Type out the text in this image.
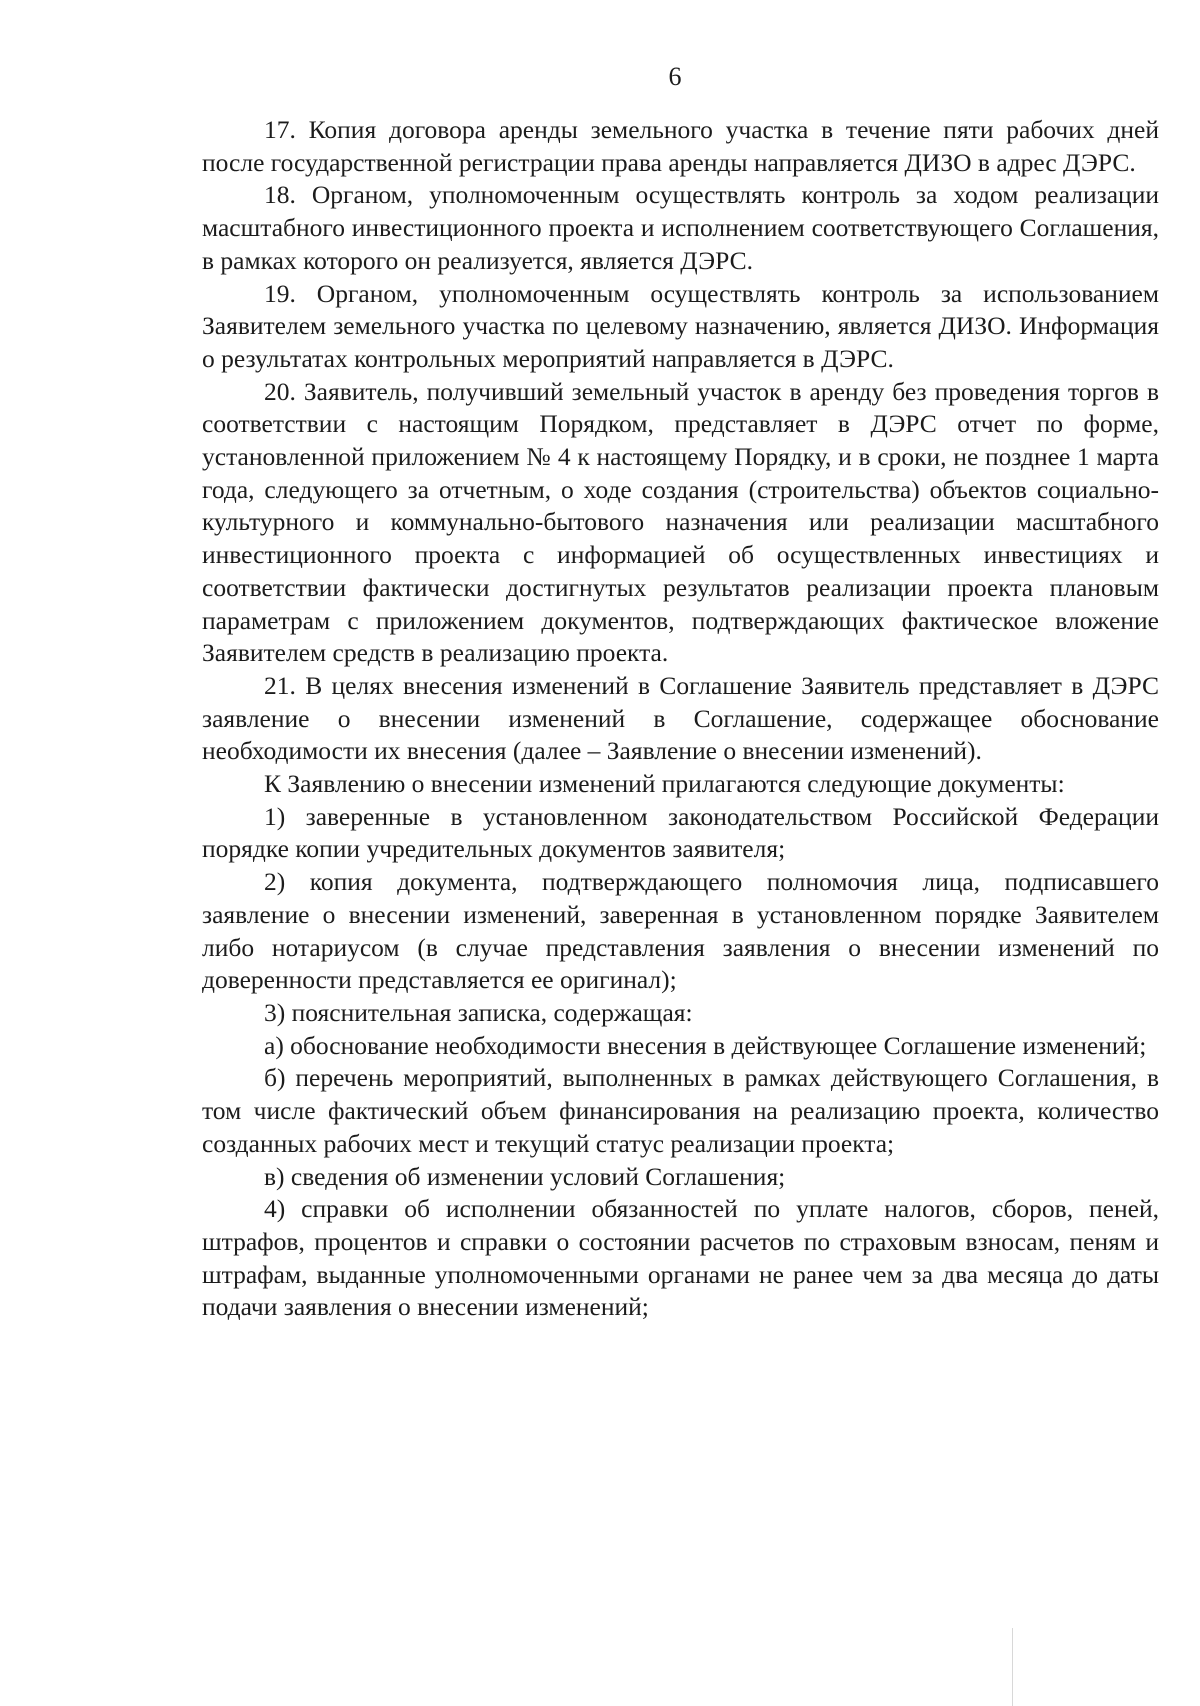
6

17. Копия договора аренды земельного участка в течение пяти рабочих дней после государственной регистрации права аренды направляется ДИЗО в адрес ДЭРС.

18. Органом, уполномоченным осуществлять контроль за ходом реализации масштабного инвестиционного проекта и исполнением соответствующего Соглашения, в рамках которого он реализуется, является ДЭРС.

19. Органом, уполномоченным осуществлять контроль за использованием Заявителем земельного участка по целевому назначению, является ДИЗО. Информация о результатах контрольных мероприятий направляется в ДЭРС.

20. Заявитель, получивший земельный участок в аренду без проведения торгов в соответствии с настоящим Порядком, представляет в ДЭРС отчет по форме, установленной приложением № 4 к настоящему Порядку, и в сроки, не позднее 1 марта года, следующего за отчетным, о ходе создания (строительства) объектов социально-культурного и коммунально-бытового назначения или реализации масштабного инвестиционного проекта с информацией об осуществленных инвестициях и соответствии фактически достигнутых результатов реализации проекта плановым параметрам с приложением документов, подтверждающих фактическое вложение Заявителем средств в реализацию проекта.

21. В целях внесения изменений в Соглашение Заявитель представляет в ДЭРС заявление о внесении изменений в Соглашение, содержащее обоснование необходимости их внесения (далее – Заявление о внесении изменений).

К Заявлению о внесении изменений прилагаются следующие документы:

1) заверенные в установленном законодательством Российской Федерации порядке копии учредительных документов заявителя;

2) копия документа, подтверждающего полномочия лица, подписавшего заявление о внесении изменений, заверенная в установленном порядке Заявителем либо нотариусом (в случае представления заявления о внесении изменений по доверенности представляется ее оригинал);

3) пояснительная записка, содержащая:

а) обоснование необходимости внесения в действующее Соглашение изменений;

б) перечень мероприятий, выполненных в рамках действующего Соглашения, в том числе фактический объем финансирования на реализацию проекта, количество созданных рабочих мест и текущий статус реализации проекта;

в) сведения об изменении условий Соглашения;

4) справки об исполнении обязанностей по уплате налогов, сборов, пеней, штрафов, процентов и справки о состоянии расчетов по страховым взносам, пеням и штрафам, выданные уполномоченными органами не ранее чем за два месяца до даты подачи заявления о внесении изменений;
